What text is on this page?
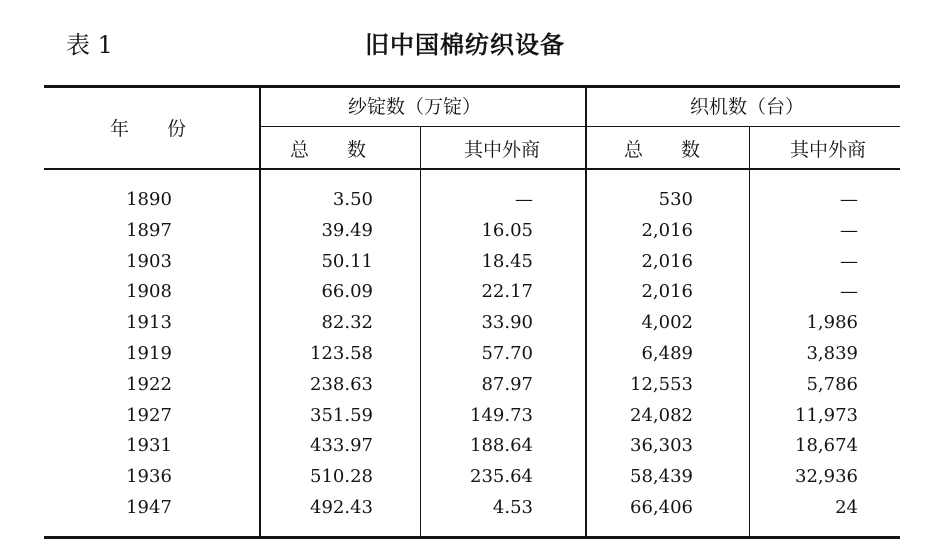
表 1	旧中国棉纺织设备
年　　份
纱锭数（万锭）	织机数（台）
总　　数	其中外商	总　　数	其中外商
1890	3.50	—	530	—
1897	39.49	16.05	2,016	—
1903	50.11	18.45	2,016	—
1908	66.09	22.17	2,016	—
1913	82.32	33.90	4,002	1,986
1919	123.58	57.70	6,489	3,839
1922	238.63	87.97	12,553	5,786
1927	351.59	149.73	24,082	11,973
1931	433.97	188.64	36,303	18,674
1936	510.28	235.64	58,439	32,936
1947	492.43	4.53	66,406	24
